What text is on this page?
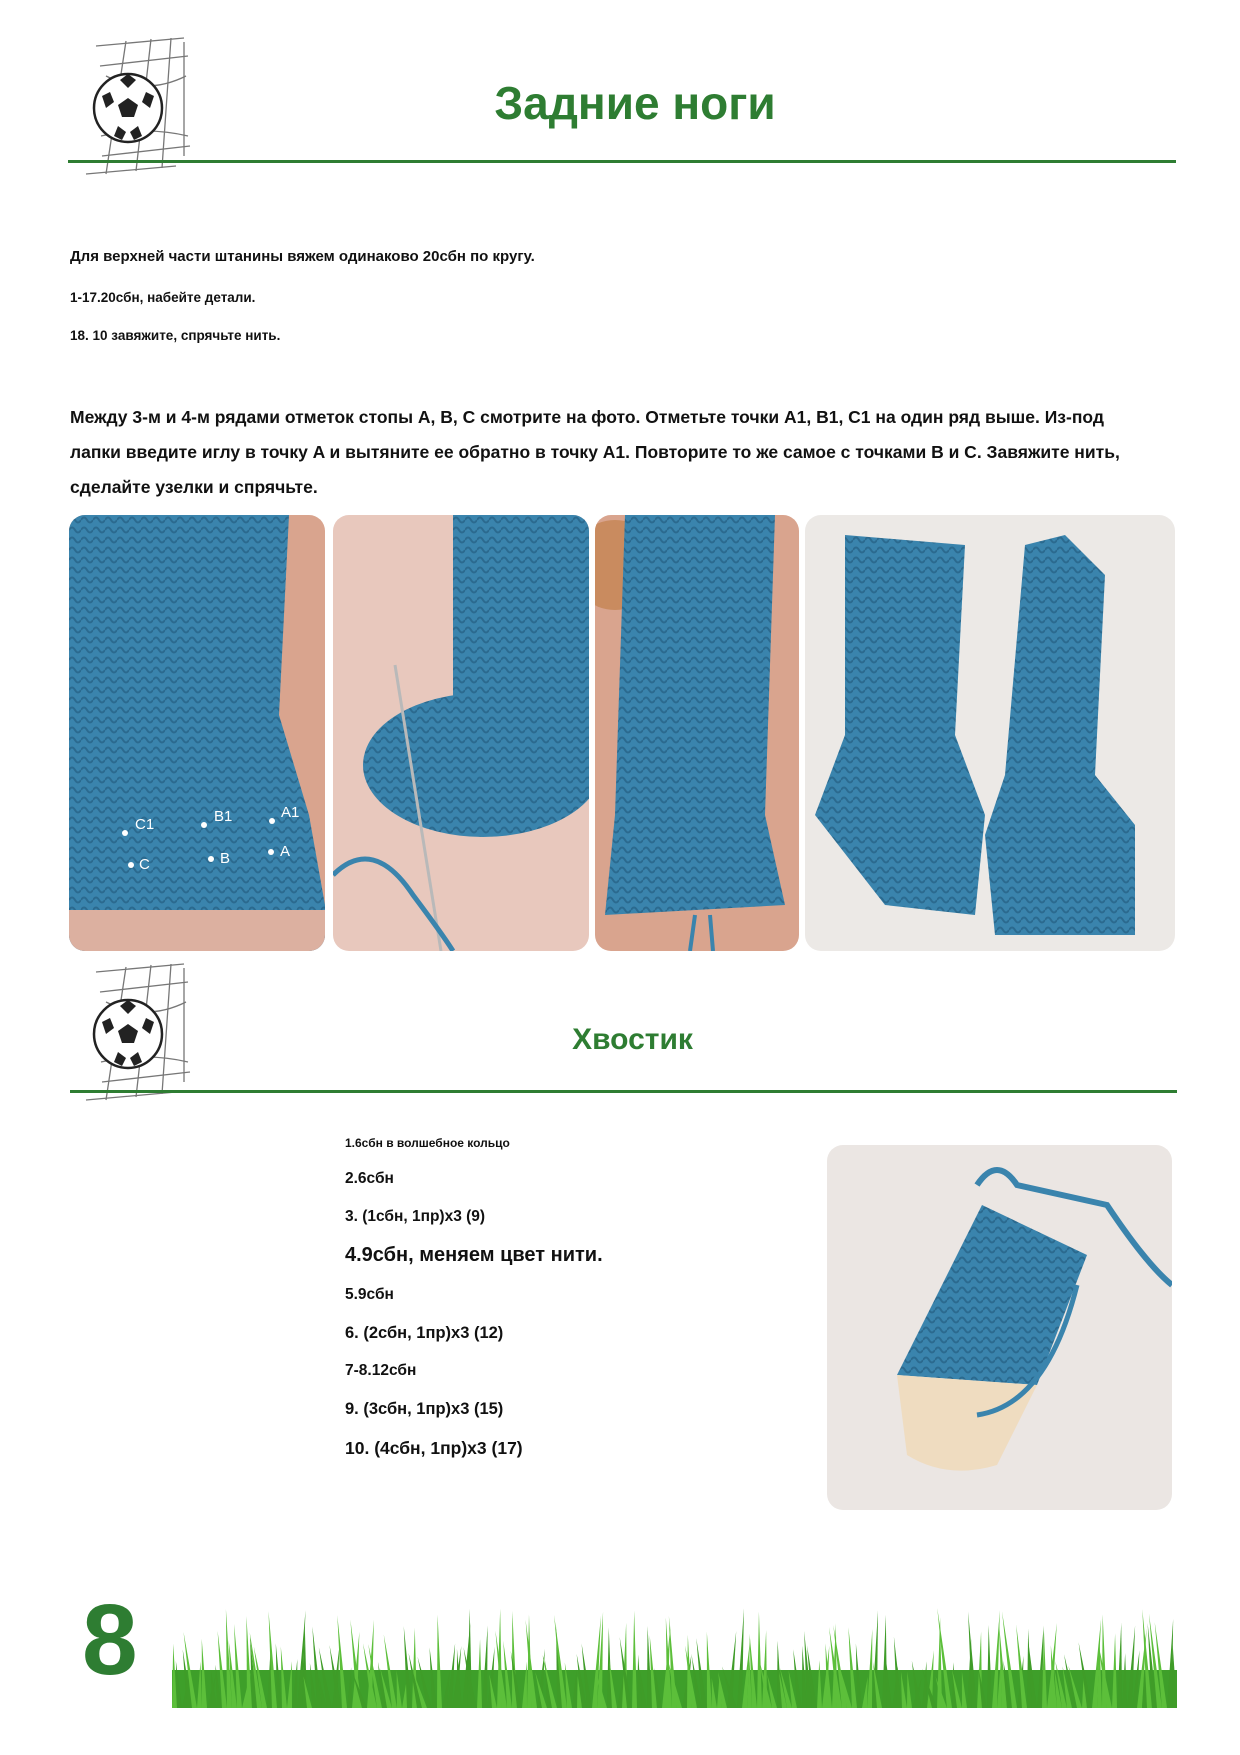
Задние ноги
Для верхней части штанины вяжем одинаково 20сбн по кругу.
1-17.20сбн, набейте детали.
18. 10 завяжите, спрячьте нить.
Между 3-м и 4-м рядами отметок стопы A, B, C смотрите на фото. Отметьте точки A1, B1, C1 на один ряд выше. Из-под лапки введите иглу в точку A и вытяните ее обратно в точку A1. Повторите то же самое с точками B и C. Завяжите нить, сделайте узелки и спрячьте.
C1	B1	A1
C	B	A
Хвостик
1.6сбн в волшебное кольцо
2.6сбн
3. (1сбн, 1пр)х3 (9)
4.9сбн, меняем цвет нити.
5.9сбн
6. (2сбн, 1пр)х3 (12)
7-8.12сбн
9. (3сбн, 1пр)х3 (15)
10. (4сбн, 1пр)х3 (17)
8
